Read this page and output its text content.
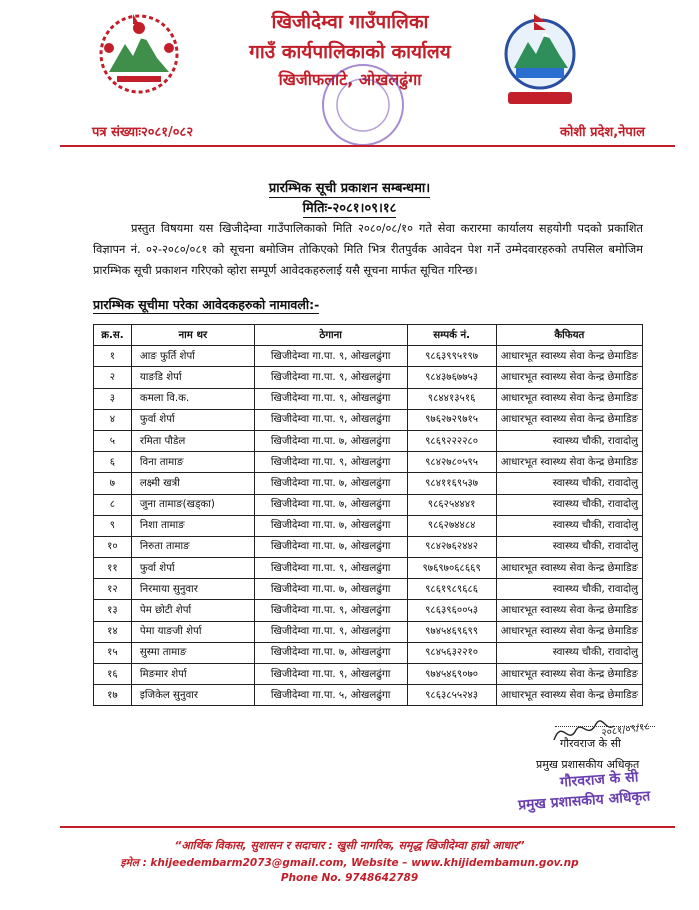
खिजीदेम्वा गाउँपालिका
गाउँ कार्यपालिकाको कार्यालय
खिजीफलाटे, ओखलढुंगा
पत्र संख्याः२०८१/०८२	कोशी प्रदेश,नेपाल
प्रारम्भिक सूची प्रकाशन सम्बन्धमा।
मितिः-२०८१।०९।१८
प्रस्तुत विषयमा यस खिजीदेम्वा गाउँपालिकाको मिति २०८०/०८/१० गते सेवा करारमा कार्यालय सहयोगी पदको प्रकाशित विज्ञापन नं. ०२-२०८०/०८१ को सूचना बमोजिम तोकिएको मिति भित्र रीतपुर्वक आवेदन पेश गर्ने उम्मेदवारहरुको तपसिल बमोजिम प्रारम्भिक सूची प्रकाशन गरिएको व्होरा सम्पूर्ण आवेदकहरुलाई यसै सूचना मार्फत सूचित गरिन्छ।
प्रारम्भिक सूचीमा परेका आवेदकहरुको नामावली:-
क्र.स.	नाम थर	ठेगाना	सम्पर्क नं.	कैफियत
१	आङ फुर्ति शेर्पा	खिजीदेम्वा गा.पा. ९, ओखलढुंगा	९८६३९९५१९७	आधारभूत स्वास्थ्य सेवा केन्द्र छेमाडिङ
२	याङडि शेर्पा	खिजीदेम्वा गा.पा. ९, ओखलढुंगा	९८४३७६७७५३	आधारभूत स्वास्थ्य सेवा केन्द्र छेमाडिङ
३	कमला वि.क.	खिजीदेम्वा गा.पा. ९, ओखलढुंगा	९८४४१३५१६	आधारभूत स्वास्थ्य सेवा केन्द्र छेमाडिङ
४	फुर्वा शेर्पा	खिजीदेम्वा गा.पा. ९, ओखलढुंगा	९७६२७२९७१५	आधारभूत स्वास्थ्य सेवा केन्द्र छेमाडिङ
५	रमिता पौडेल	खिजीदेम्वा गा.पा. ७, ओखलढुंगा	९८६९२२२२८०	स्वास्थ्य चौकी, रावादोलु
६	विना तामाङ	खिजीदेम्वा गा.पा. ९, ओखलढुंगा	९८४२७८०५९५	आधारभूत स्वास्थ्य सेवा केन्द्र छेमाडिङ
७	लक्ष्मी खत्री	खिजीदेम्वा गा.पा. ७, ओखलढुंगा	९८४११६९५३७	स्वास्थ्य चौकी, रावादोलु
८	जुना तामाङ(खड्का)	खिजीदेम्वा गा.पा. ७, ओखलढुंगा	९८६२५४४४१	स्वास्थ्य चौकी, रावादोलु
९	निशा तामाङ	खिजीदेम्वा गा.पा. ७, ओखलढुंगा	९८६२७४४८४	स्वास्थ्य चौकी, रावादोलु
१०	निरुता तामाङ	खिजीदेम्वा गा.पा. ७, ओखलढुंगा	९८४२७६२४४२	स्वास्थ्य चौकी, रावादोलु
११	फुर्वा शेर्पा	खिजीदेम्वा गा.पा. ९, ओखलढुंगा	९७६९७०६८६६९	आधारभूत स्वास्थ्य सेवा केन्द्र छेमाडिङ
१२	निरमाया सुनुवार	खिजीदेम्वा गा.पा. ७, ओखलढुंगा	९८६१९८९६८६	स्वास्थ्य चौकी, रावादोलु
१३	पेम छोटी शेर्पा	खिजीदेम्वा गा.पा. ९, ओखलढुंगा	९८६३९६००५३	आधारभूत स्वास्थ्य सेवा केन्द्र छेमाडिङ
१४	पेमा याङजी शेर्पा	खिजीदेम्वा गा.पा. ९, ओखलढुंगा	९७४५४६९६९९	आधारभूत स्वास्थ्य सेवा केन्द्र छेमाडिङ
१५	सुस्मा तामाङ	खिजीदेम्वा गा.पा. ७, ओखलढुंगा	९८४५६३२२१०	स्वास्थ्य चौकी, रावादोलु
१६	मिङमार शेर्पा	खिजीदेम्वा गा.पा. ९, ओखलढुंगा	९७४५४६९०७०	आधारभूत स्वास्थ्य सेवा केन्द्र छेमाडिङ
१७	इजिकेल सुनुवार	खिजीदेम्वा गा.पा. ५, ओखलढुंगा	९८६३८५५२४३	आधारभूत स्वास्थ्य सेवा केन्द्र छेमाडिङ
२०८१/०९/१८
गौरवराज के सी
प्रमुख प्रशासकीय अधिकृत
गौरवराज के सी
प्रमुख प्रशासकीय अधिकृत
“आर्थिक विकास, सुशासन र सदाचार : खुसी नागरिक, समृद्ध खिजीदेम्वा हाम्रो आधार”
इमेल : khijeedembarm2073@gmail.com, Website – www.khijidembamun.gov.np
Phone No. 9748642789
